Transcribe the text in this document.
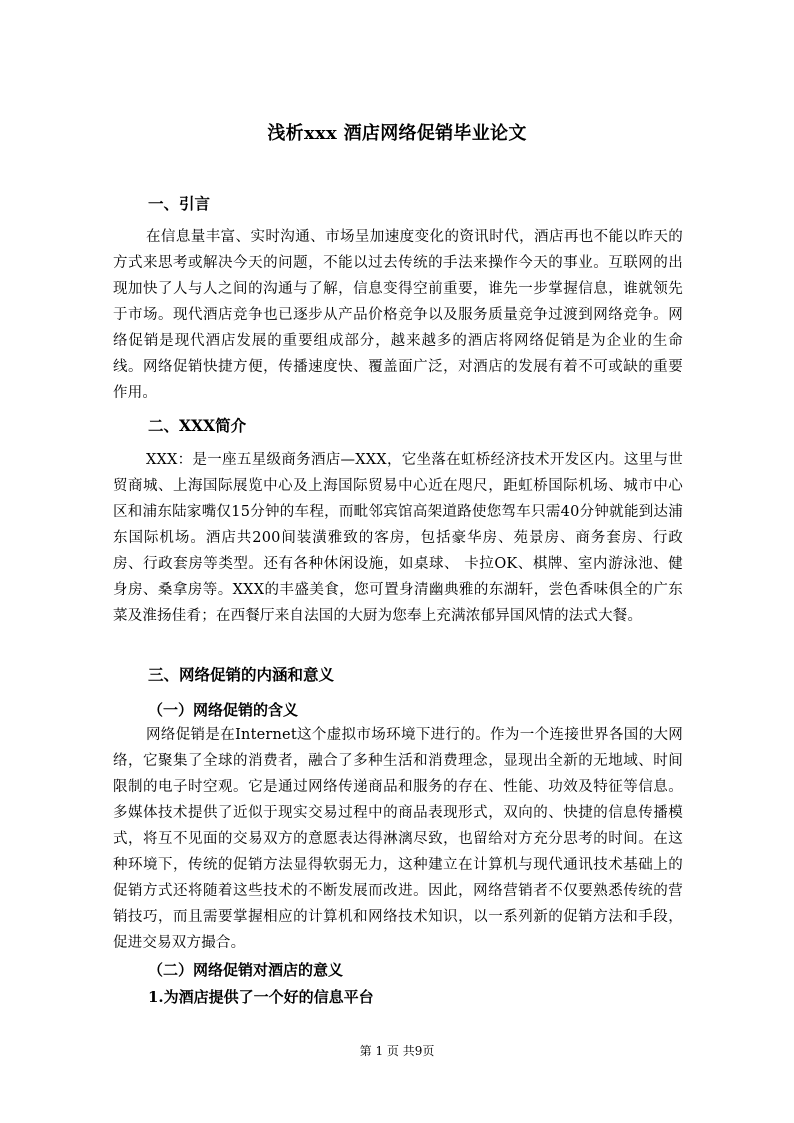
浅析xxx 酒店网络促销毕业论文
一、引言
在信息量丰富、实时沟通、市场呈加速度变化的资讯时代，酒店再也不能以昨天的方式来思考或解决今天的问题，不能以过去传统的手法来操作今天的事业。互联网的出现加快了人与人之间的沟通与了解，信息变得空前重要，谁先一步掌握信息，谁就领先于市场。现代酒店竞争也已逐步从产品价格竞争以及服务质量竞争过渡到网络竞争。网络促销是现代酒店发展的重要组成部分，越来越多的酒店将网络促销是为企业的生命线。网络促销快捷方便，传播速度快、覆盖面广泛，对酒店的发展有着不可或缺的重要作用。
二、XXX简介
XXX：是一座五星级商务酒店—XXX，它坐落在虹桥经济技术开发区内。这里与世贸商城、上海国际展览中心及上海国际贸易中心近在咫尺，距虹桥国际机场、城市中心区和浦东陆家嘴仅15分钟的车程，而毗邻宾馆高架道路使您驾车只需40分钟就能到达浦东国际机场。酒店共200间装潢雅致的客房，包括豪华房、苑景房、商务套房、行政房、行政套房等类型。还有各种休闲设施，如桌球、 卡拉OK、棋牌、室内游泳池、健身房、桑拿房等。XXX的丰盛美食，您可置身清幽典雅的东湖轩，尝色香味俱全的广东菜及淮扬佳肴；在西餐厅来自法国的大厨为您奉上充满浓郁异国风情的法式大餐。
三、网络促销的内涵和意义
（一）网络促销的含义
网络促销是在Internet这个虚拟市场环境下进行的。作为一个连接世界各国的大网络，它聚集了全球的消费者，融合了多种生活和消费理念，显现出全新的无地域、时间限制的电子时空观。它是通过网络传递商品和服务的存在、性能、功效及特征等信息。多媒体技术提供了近似于现实交易过程中的商品表现形式，双向的、快捷的信息传播模式，将互不见面的交易双方的意愿表达得淋漓尽致，也留给对方充分思考的时间。在这种环境下，传统的促销方法显得软弱无力，这种建立在计算机与现代通讯技术基础上的促销方式还将随着这些技术的不断发展而改进。因此，网络营销者不仅要熟悉传统的营销技巧，而且需要掌握相应的计算机和网络技术知识，以一系列新的促销方法和手段，促进交易双方撮合。
（二）网络促销对酒店的意义
1.为酒店提供了一个好的信息平台
第 1 页 共9页
